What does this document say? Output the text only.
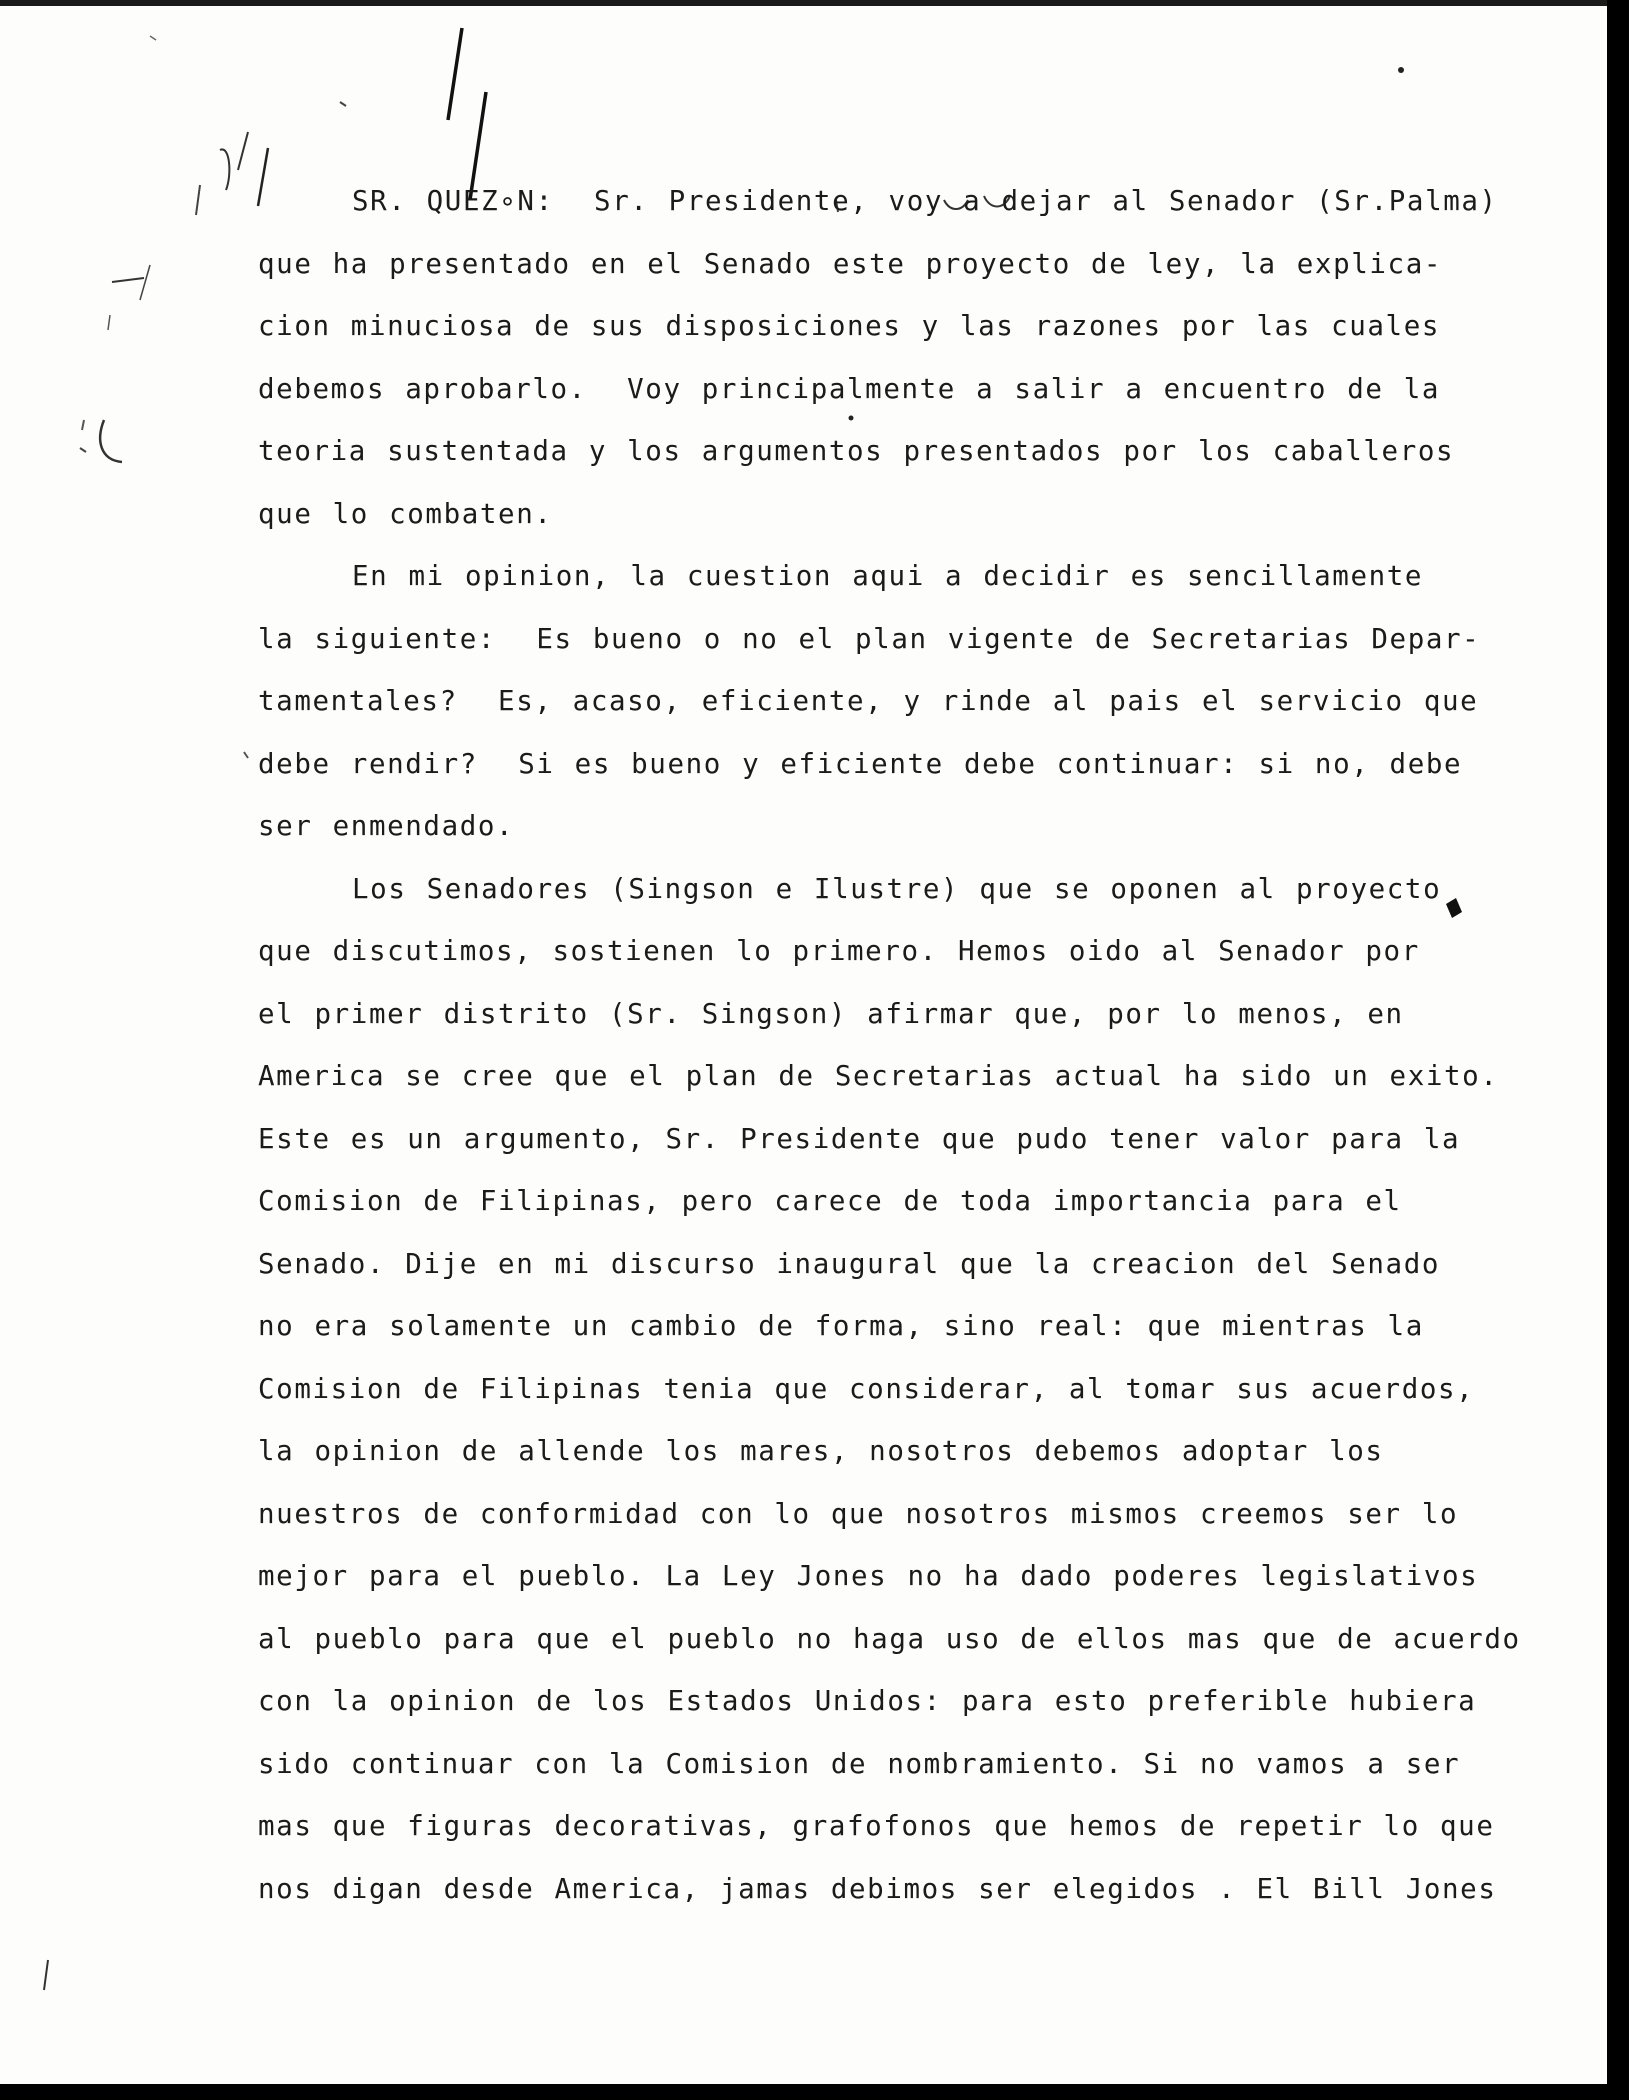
SR. QUEZ∘N:  Sr. Presidente, voy a dejar al Senador (Sr.Palma)
que ha presentado en el Senado este proyecto de ley, la explica-
cion minuciosa de sus disposiciones y las razones por las cuales
debemos aprobarlo.  Voy principalmente a salir a encuentro de la
teoria sustentada y los argumentos presentados por los caballeros
que lo combaten.
En mi opinion, la cuestion aqui a decidir es sencillamente
la siguiente:  Es bueno o no el plan vigente de Secretarias Depar-
tamentales?  Es, acaso, eficiente, y rinde al pais el servicio que
debe rendir?  Si es bueno y eficiente debe continuar: si no, debe
ser enmendado.
Los Senadores (Singson e Ilustre) que se oponen al proyecto
que discutimos, sostienen lo primero. Hemos oido al Senador por
el primer distrito (Sr. Singson) afirmar que, por lo menos, en
America se cree que el plan de Secretarias actual ha sido un exito.
Este es un argumento, Sr. Presidente que pudo tener valor para la
Comision de Filipinas, pero carece de toda importancia para el
Senado. Dije en mi discurso inaugural que la creacion del Senado
no era solamente un cambio de forma, sino real: que mientras la
Comision de Filipinas tenia que considerar, al tomar sus acuerdos,
la opinion de allende los mares, nosotros debemos adoptar los
nuestros de conformidad con lo que nosotros mismos creemos ser lo
mejor para el pueblo. La Ley Jones no ha dado poderes legislativos
al pueblo para que el pueblo no haga uso de ellos mas que de acuerdo
con la opinion de los Estados Unidos: para esto preferible hubiera
sido continuar con la Comision de nombramiento. Si no vamos a ser
mas que figuras decorativas, grafofonos que hemos de repetir lo que
nos digan desde America, jamas debimos ser elegidos . El Bill Jones
